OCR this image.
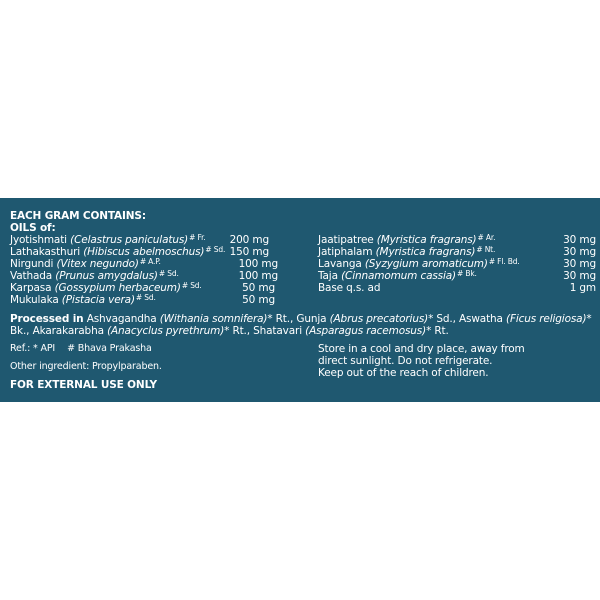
EACH GRAM CONTAINS:
OILS of:
Jyotishmati (Celastrus paniculatus)$^{\# Fr.}$ 200 mg
Lathakasthuri (Hibiscus abelmoschus)$^{\# Sd.}$ 150 mg
Nirgundi (Vitex negundo)$^{\# A.P.}$	100 mg
Vathada (Prunus amygdalus)$^{\# Sd.}$	100 mg
Karpasa (Gossypium herbaceum)$^{\# Sd.}$	50 mg
Mukulaka (Pistacia vera)$^{\# Sd.}$	50 mg
Jaatipatree (Myristica fragrans)$^{\# Ar.}$	30 mg
Jatiphalam (Myristica fragrans)$^{\# Nt.}$	30 mg
Lavanga (Syzygium aromaticum)$^{\# Fl. Bd.}$	30 mg
Taja (Cinnamomum cassia)$^{\# Bk.}$	30 mg
Base q.s. ad	1 gm
Processed in Ashvagandha (Withania somnifera)* Rt., Gunja (Abrus precatorius)* Sd., Aswatha (Ficus religiosa)* Bk., Akarakarabha (Anacyclus pyrethrum)* Rt., Shatavari (Asparagus racemosus)* Rt.
Ref.: * API # Bhava Prakasha
Other ingredient: Propylparaben.
FOR EXTERNAL USE ONLY
Store in a cool and dry place, away from
direct sunlight. Do not refrigerate.
Keep out of the reach of children.
